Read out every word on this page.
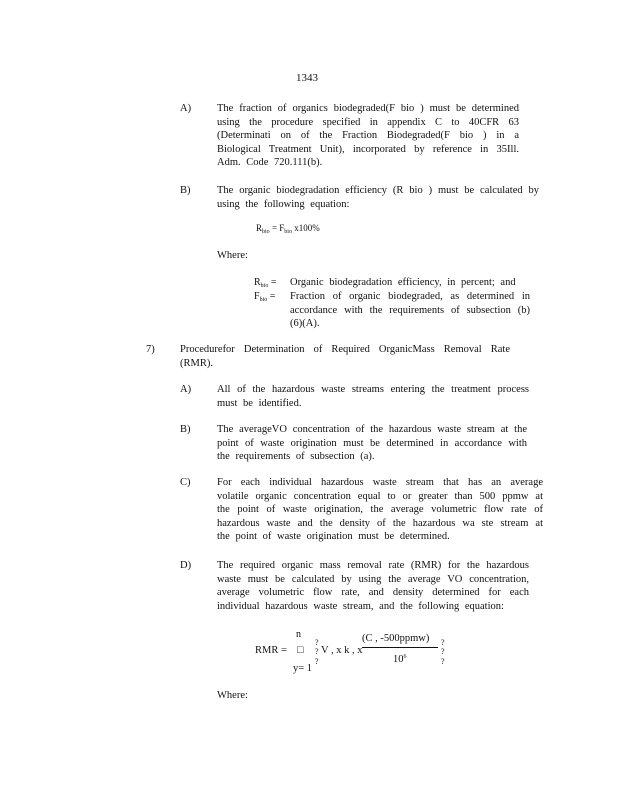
1343
A)	The fraction of organics biodegraded(F bio ) must be determined using the procedure specified in appendix C to 40CFR 63 (Determinati on of the Fraction Biodegraded(F bio ) in a Biological Treatment Unit), incorporated by reference in 35Ill. Adm. Code 720.111(b).
B)	The organic biodegradation efficiency (R bio ) must be calculated by using the following equation:
$R_{bio} = F_{bio}$ x100%
Where:
$R_{bio}$ = Organic biodegradation efficiency, in percent; and
$F_{bio}$ = Fraction of organic biodegraded, as determined in accordance with the requirements of subsection (b)(6)(A).
7)	Procedurefor Determination of Required OrganicMass Removal Rate (RMR).
A)	All of the hazardous waste streams entering the treatment process must be identified.
B)	The averageVO concentration of the hazardous waste stream at the point of waste origination must be determined in accordance with the requirements of subsection (a).
C)	For each individual hazardous waste stream that has an average volatile organic concentration equal to or greater than 500 ppmw at the point of waste origination, the average volumetric flow rate of hazardous waste and the density of the hazardous wa ste stream at the point of waste origination must be determined.
D)	The required organic mass removal rate (RMR) for the hazardous waste must be calculated by using the average VO concentration, average volumetric flow rate, and density determined for each individual hazardous waste stream, and the following equation:
n
RMR = □
y= 1
?
?
?
V , x k , x
(C , -500ppmw)
$10^6$
?
?
?
Where:
